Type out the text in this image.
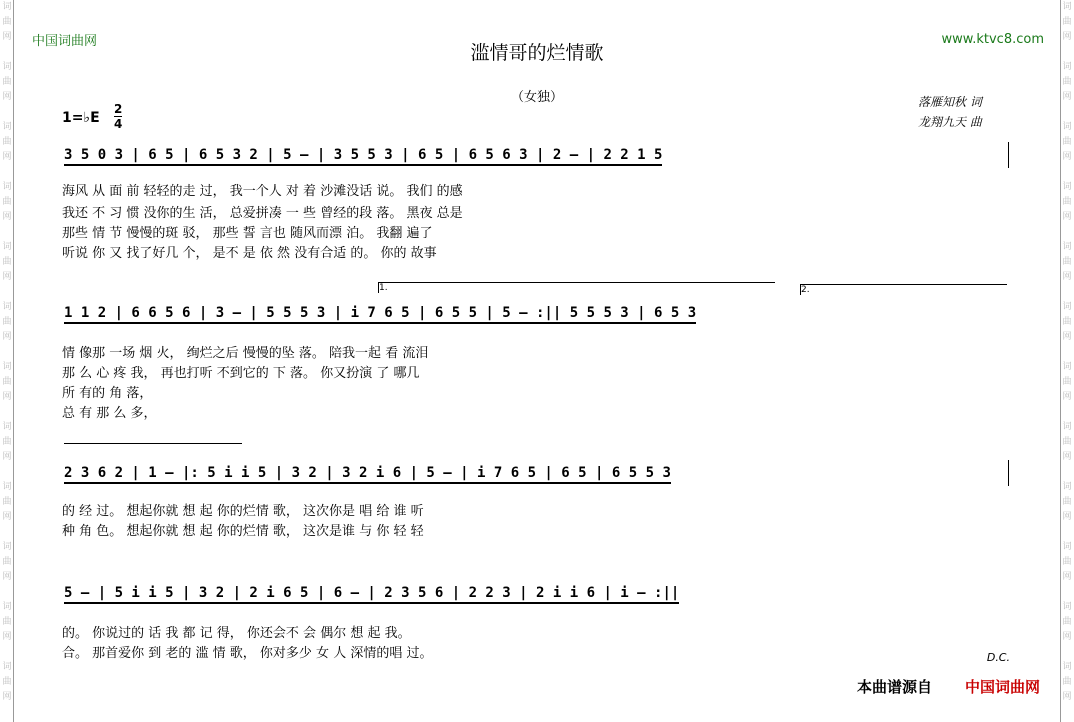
词
曲
网
词
曲
网
词
曲
网
词
曲
网
词
曲
网
词
曲
网
词
曲
网
词
曲
网
词
曲
网
词
曲
网
词
曲
网
词
曲
网
词
曲
网
词
曲
网
词
曲
网
词
曲
网
词
曲
网
词
曲
网
词
曲
网
词
曲
网
词
曲
网
词
曲
网
词
曲
网
词
曲
网
中国词曲网	www.ktvc8.com
滥情哥的烂情歌
（女独）	落雁知秋 词
龙翔九天 曲
1=♭E
2
4
3 5 0 3 | 6 5 | 6 5 3 2 | 5 – | 3 5 5 3 | 6 5 | 6 5 6 3 | 2 – | 2 2 1 5
海风 从 面 前 轻轻的走 过， 我一个人 对 着 沙滩没话 说。 我们 的感
我还 不 习 惯 没你的生 活， 总爱拼凑 一 些 曾经的段 落。 黑夜 总是
那些 情 节 慢慢的斑 驳， 那些 誓 言也 随风而漂 泊。 我翻 遍了
听说 你 又 找了好几 个， 是不 是 依 然 没有合适 的。 你的 故事
1.	2.
1 1 2 | 6 6 5 6 | 3 – | 5 5 5 3 | i 7 6 5 | 6 5 5 | 5 – :|| 5 5 5 3 | 6 5 3
情 像那 一场 烟 火， 绚烂之后 慢慢的坠 落。 陪我一起 看 流泪
那 么 心 疼 我， 再也打听 不到它的 下 落。 你又扮演 了 哪几
所 有的 角 落，
总 有 那 么 多，
2 3 6 2 | 1 – |: 5 i i 5 | 3 2 | 3 2 i 6 | 5 – | i 7 6 5 | 6 5 | 6 5 5 3
的 经 过。 想起你就 想 起 你的烂情 歌， 这次你是 唱 给 谁 听
种 角 色。 想起你就 想 起 你的烂情 歌， 这次是谁 与 你 轻 轻
5 – | 5 i i 5 | 3 2 | 2 i 6 5 | 6 – | 2 3 5 6 | 2 2 3 | 2 i i 6 | i – :||
的。 你说过的 话 我 都 记 得， 你还会不 会 偶尔 想 起 我。
合。 那首爱你 到 老的 滥 情 歌， 你对多少 女 人 深情的唱 过。	D.C.
本曲谱源自 中国词曲网
